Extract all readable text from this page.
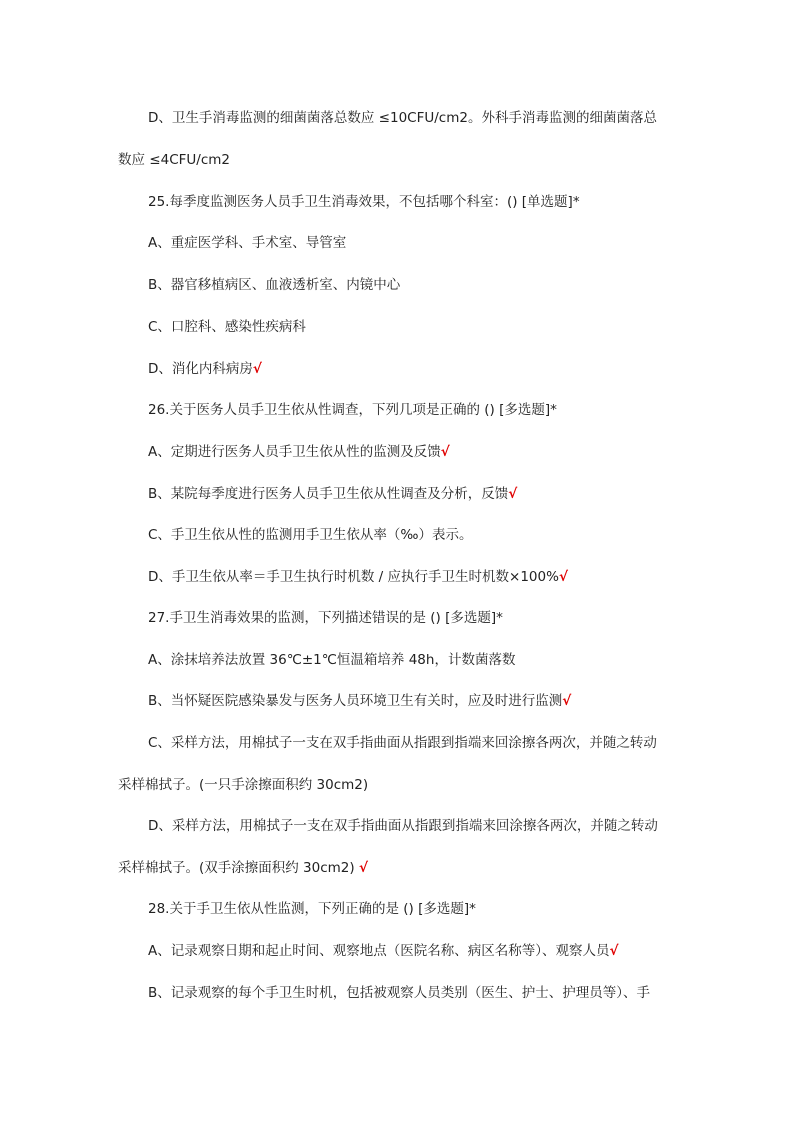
D、卫生手消毒监测的细菌菌落总数应 ≤10CFU/cm2。外科手消毒监测的细菌菌落总
数应 ≤4CFU/cm2
25.每季度监测医务人员手卫生消毒效果，不包括哪个科室：() [单选题]*
A、重症医学科、手术室、导管室
B、器官移植病区、血液透析室、内镜中心
C、口腔科、感染性疾病科
D、消化内科病房√
26.关于医务人员手卫生依从性调查，下列几项是正确的 () [多选题]*
A、定期进行医务人员手卫生依从性的监测及反馈√
B、某院每季度进行医务人员手卫生依从性调查及分析，反馈√
C、手卫生依从性的监测用手卫生依从率（‰）表示。
D、手卫生依从率＝手卫生执行时机数 / 应执行手卫生时机数×100%√
27.手卫生消毒效果的监测，下列描述错误的是 () [多选题]*
A、涂抹培养法放置 36℃±1℃恒温箱培养 48h，计数菌落数
B、当怀疑医院感染暴发与医务人员环境卫生有关时，应及时进行监测√
C、采样方法，用棉拭子一支在双手指曲面从指跟到指端来回涂擦各两次，并随之转动
采样棉拭子。(一只手涂擦面积约 30cm2)
D、采样方法，用棉拭子一支在双手指曲面从指跟到指端来回涂擦各两次，并随之转动
采样棉拭子。(双手涂擦面积约 30cm2) √
28.关于手卫生依从性监测，下列正确的是 () [多选题]*
A、记录观察日期和起止时间、观察地点（医院名称、病区名称等）、观察人员√
B、记录观察的每个手卫生时机，包括被观察人员类别（医生、护士、护理员等）、手
